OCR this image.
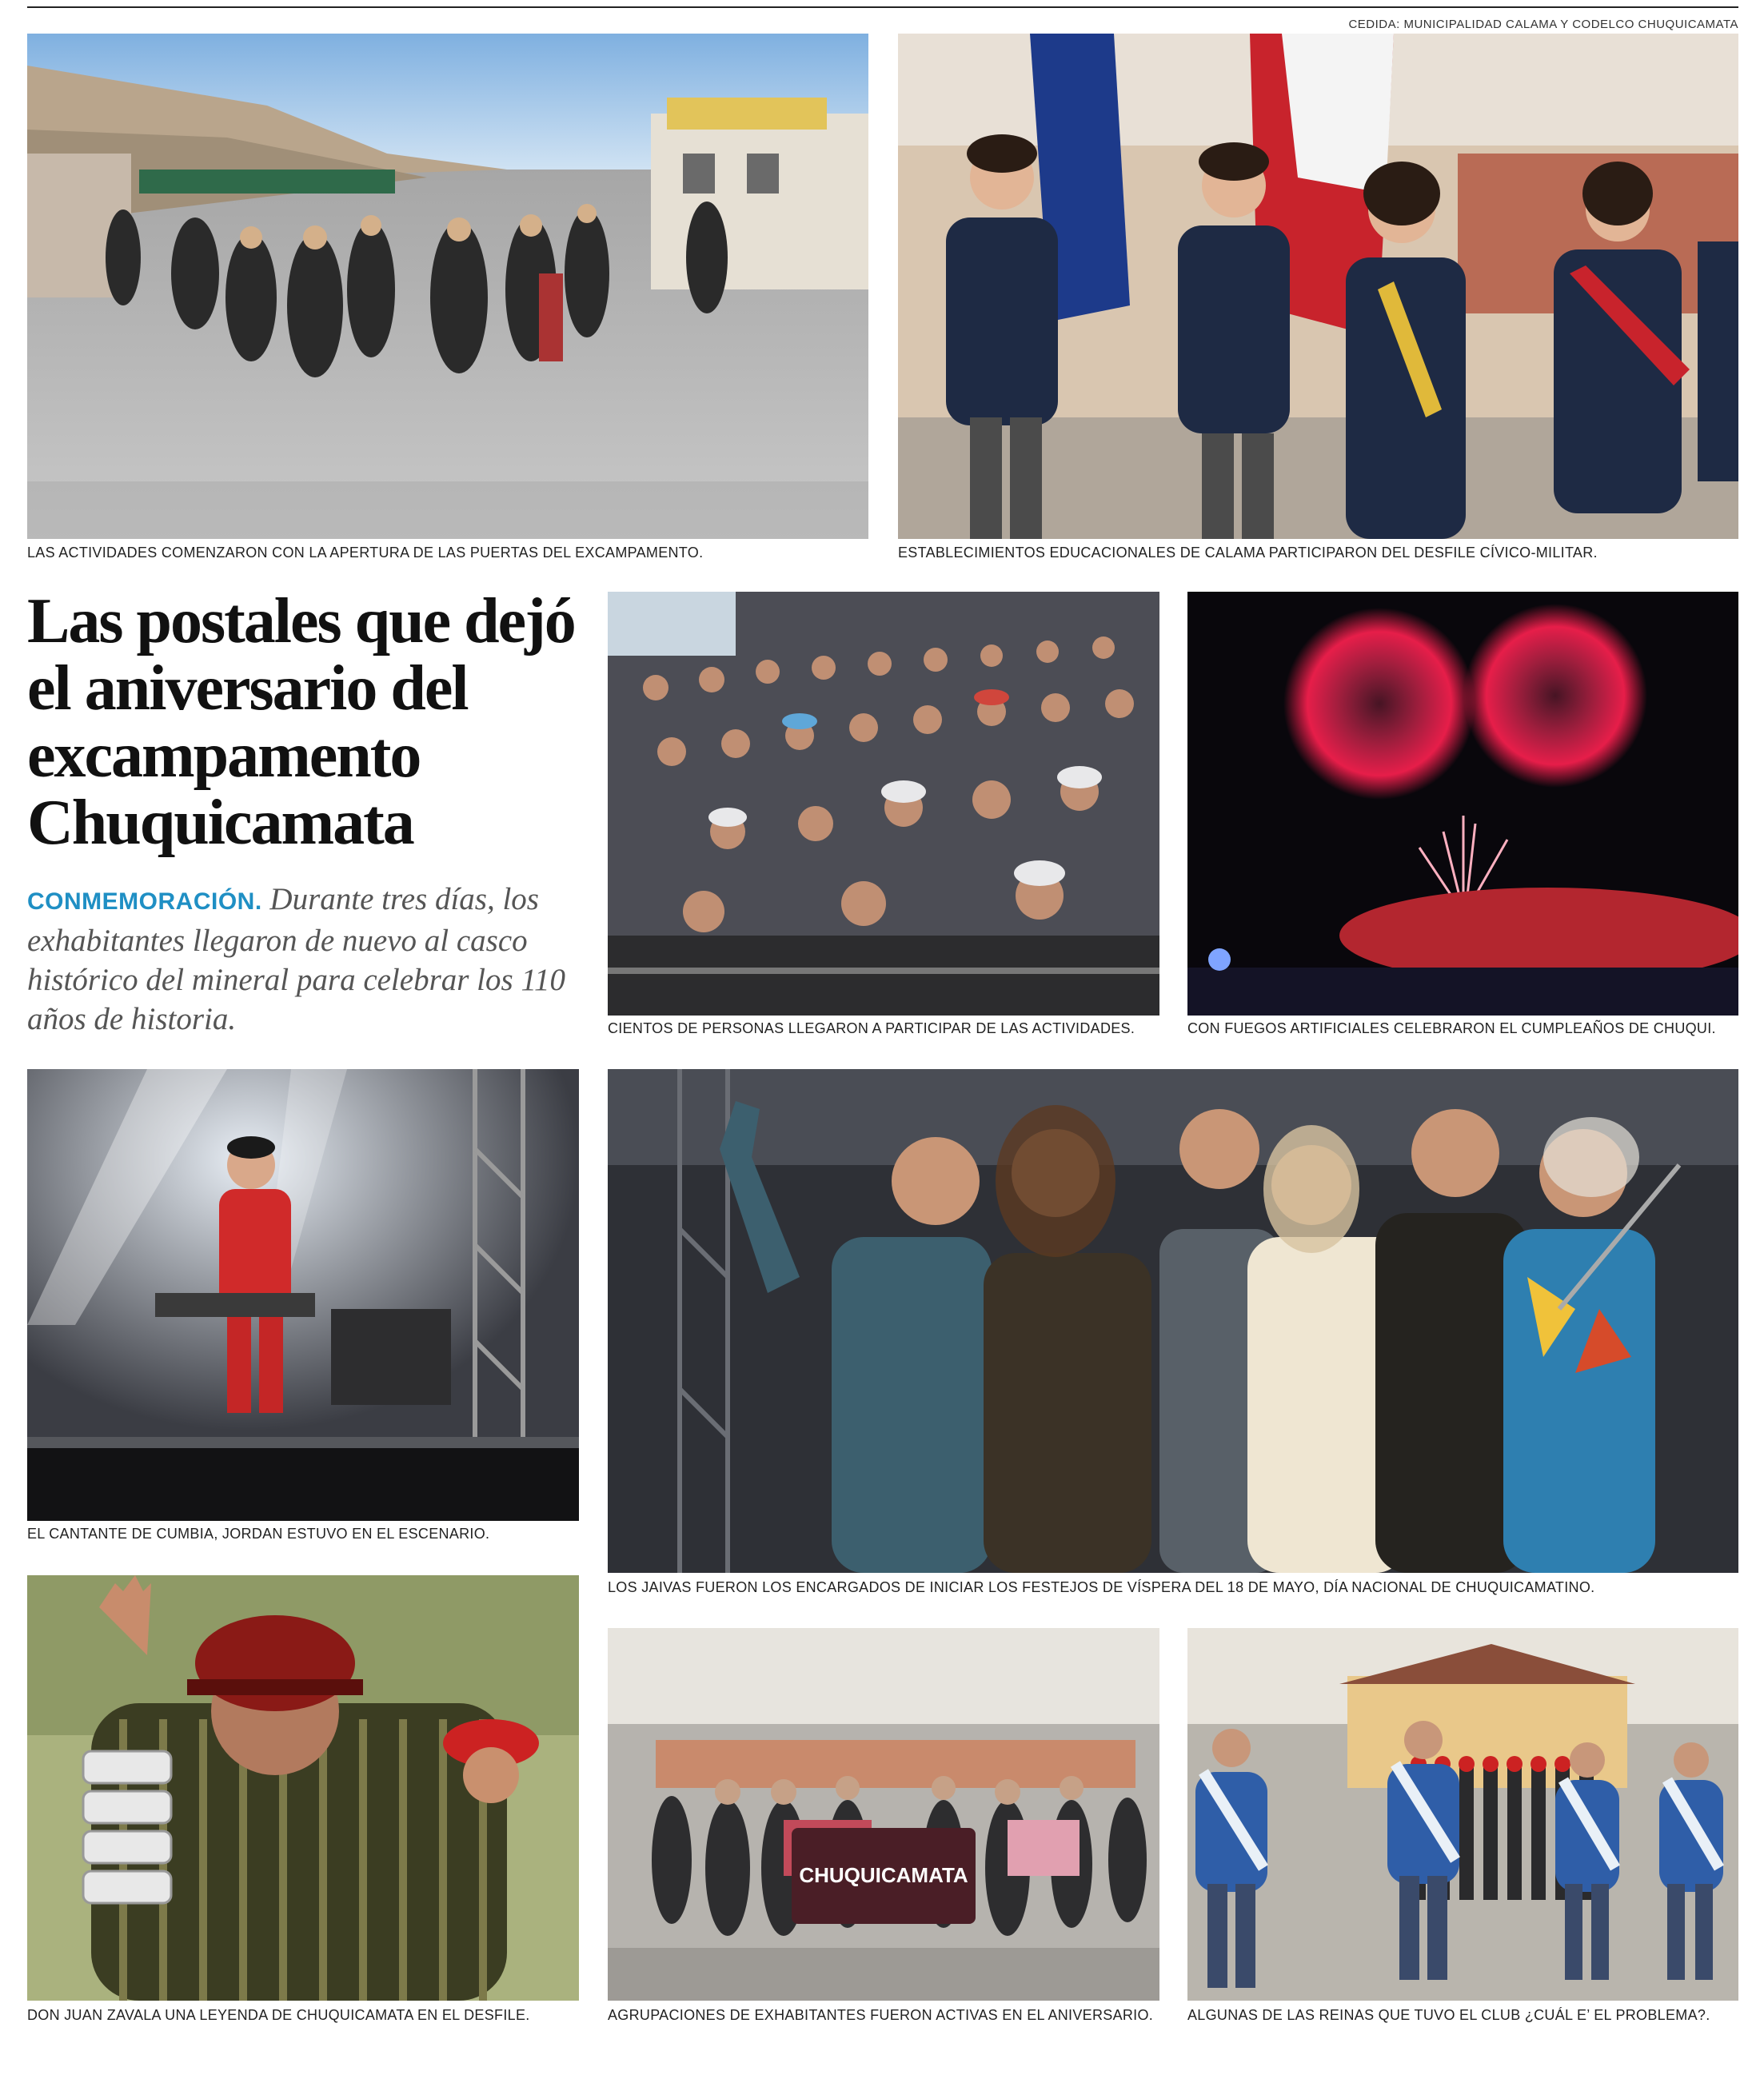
CEDIDA: MUNICIPALIDAD CALAMA Y CODELCO CHUQUICAMATA
LAS ACTIVIDADES COMENZARON CON LA APERTURA DE LAS PUERTAS DEL EXCAMPAMENTO.	ESTABLECIMIENTOS EDUCACIONALES DE CALAMA PARTICIPARON DEL DESFILE CÍVICO-MILITAR.
Las postales que dejó el aniversario del excampamento Chuquicamata
CONMEMORACIÓN. Durante tres días, los exhabitantes llegaron de nuevo al casco histórico del mineral para celebrar los 110 años de historia.	CIENTOS DE PERSONAS LLEGARON A PARTICIPAR DE LAS ACTIVIDADES.	CON FUEGOS ARTIFICIALES CELEBRARON EL CUMPLEAÑOS DE CHUQUI.
EL CANTANTE DE CUMBIA, JORDAN ESTUVO EN EL ESCENARIO.
LOS JAIVAS FUERON LOS ENCARGADOS DE INICIAR LOS FESTEJOS DE VÍSPERA DEL 18 DE MAYO, DÍA NACIONAL DE CHUQUICAMATINO.
DON JUAN ZAVALA UNA LEYENDA DE CHUQUICAMATA EN EL DESFILE.
CHUQUICAMATA
AGRUPACIONES DE EXHABITANTES FUERON ACTIVAS EN EL ANIVERSARIO. ALGUNAS DE LAS REINAS QUE TUVO EL CLUB ¿CUÁL E’ EL PROBLEMA?.
